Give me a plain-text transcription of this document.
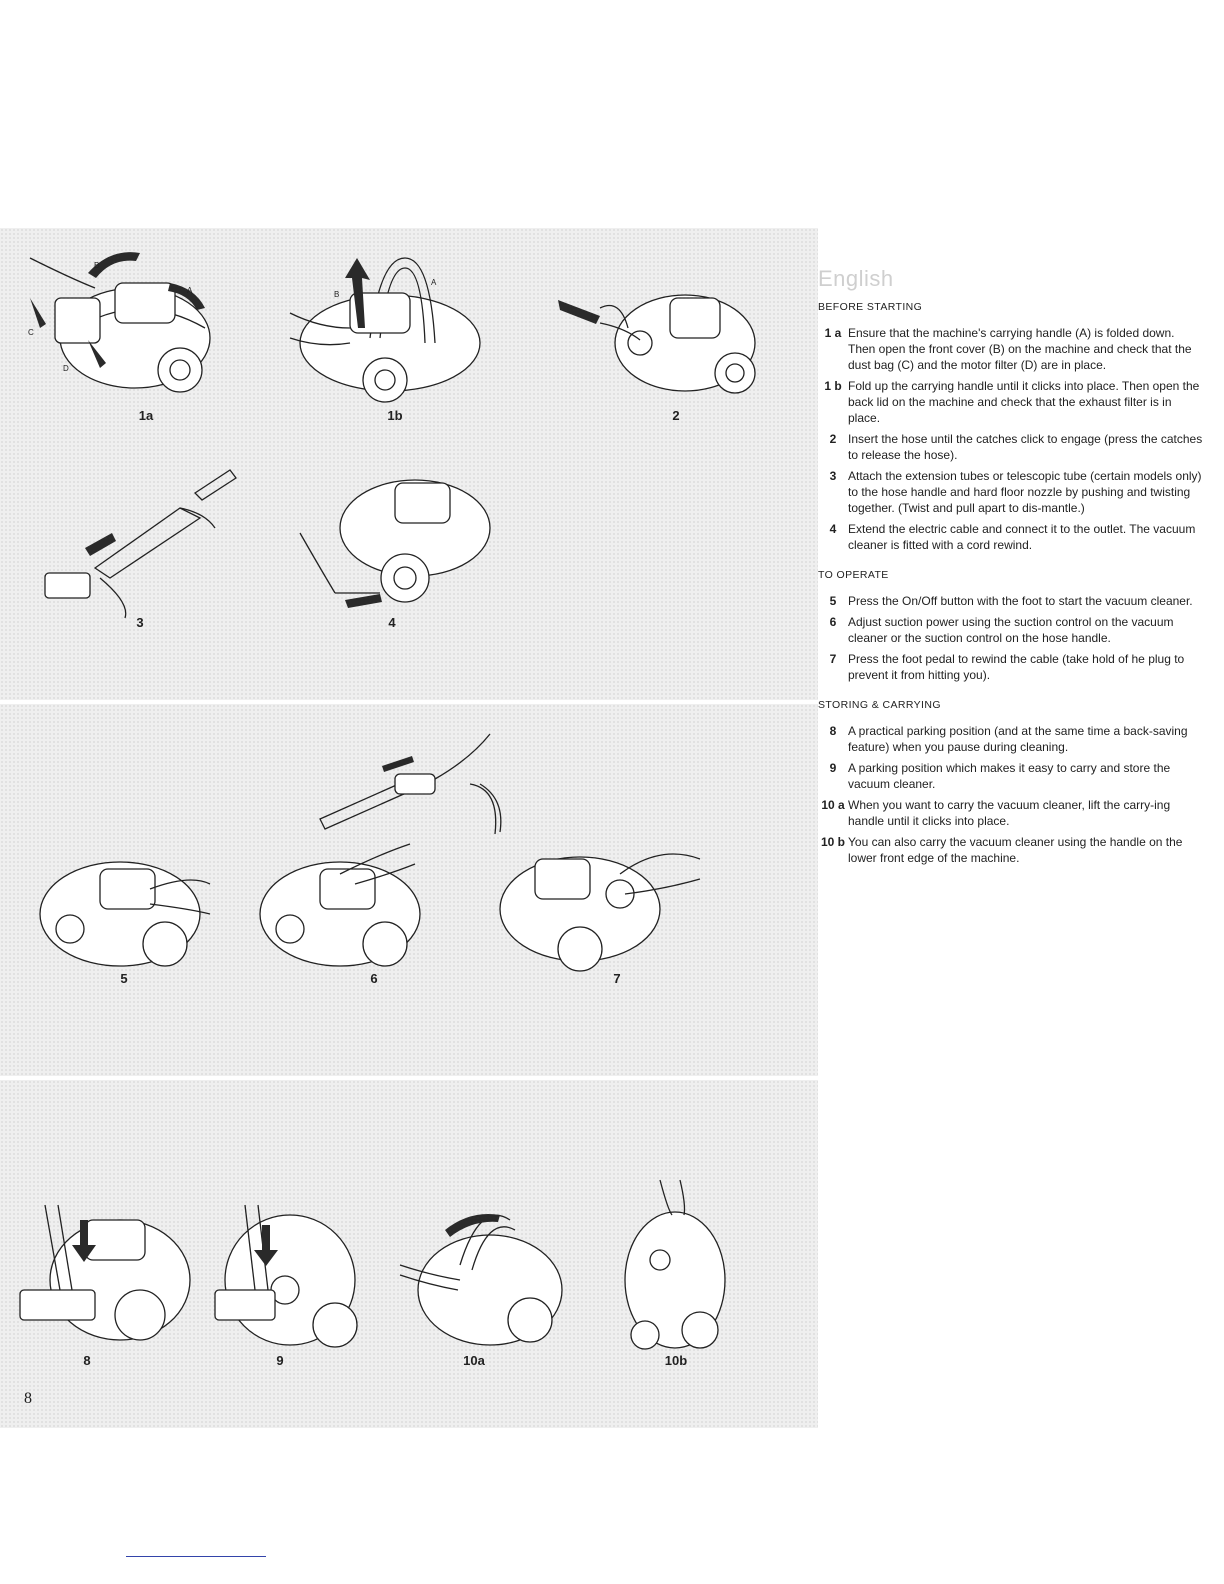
B
A
C
D
B
A
1a	1b	2
3	4
5	6	7
8	9	10a	10b
English
BEFORE STARTING
1 a Ensure that the machine's carrying handle (A) is folded down. Then open the front cover (B) on the machine and check that the dust bag (C) and the motor filter (D) are in place.
1 b Fold up the carrying handle until it clicks into place. Then open the back lid on the machine and check that the exhaust filter is in place.
2 Insert the hose until the catches click to engage (press the catches to release the hose).
3 Attach the extension tubes or telescopic tube (certain models only) to the hose handle and hard floor nozzle by pushing and twisting together. (Twist and pull apart to dis-mantle.)
4 Extend the electric cable and connect it to the outlet. The vacuum cleaner is fitted with a cord rewind.
TO OPERATE
5 Press the On/Off button with the foot to start the vacuum cleaner.
6 Adjust suction power using the suction control on the vacuum cleaner or the suction control on the hose handle.
7 Press the foot pedal to rewind the cable (take hold of he plug to prevent it from hitting you).
STORING & CARRYING
8 A practical parking position (and at the same time a back-saving feature) when you pause during cleaning.
9 A parking position which makes it easy to carry and store the vacuum cleaner.
10 a When you want to carry the vacuum cleaner, lift the carry-ing handle until it clicks into place.
10 b You can also carry the vacuum cleaner using the handle on the lower front edge of the machine.
8
